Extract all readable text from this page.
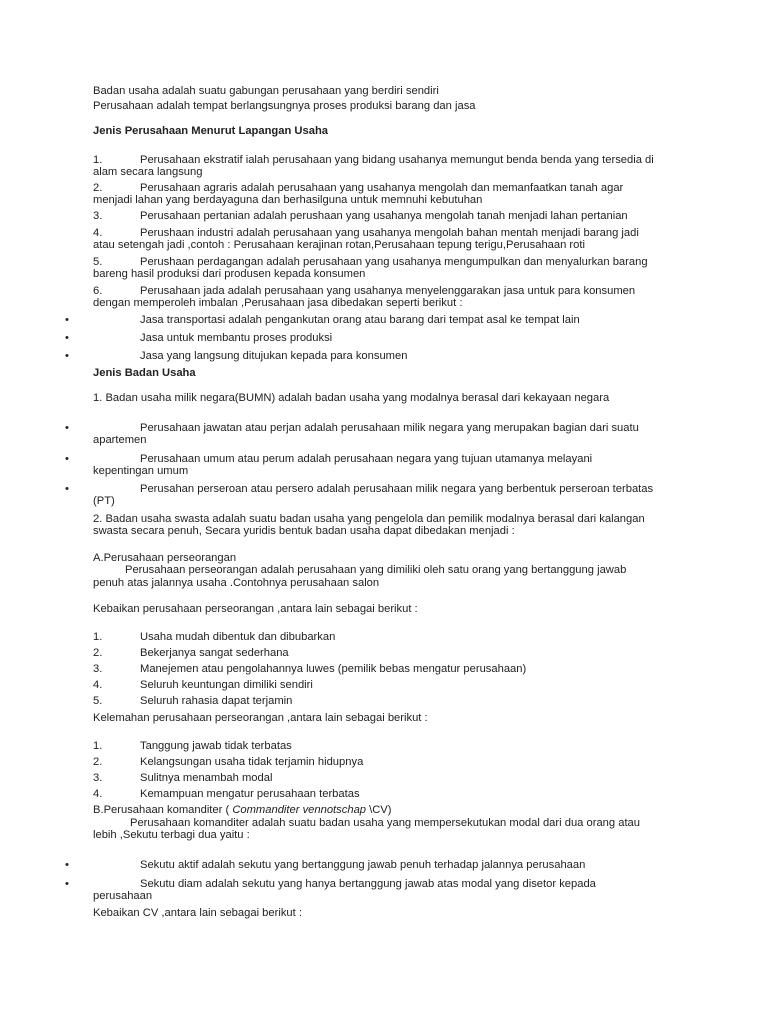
Badan usaha adalah suatu gabungan perusahaan yang berdiri sendiri
Perusahaan adalah tempat berlangsungnya proses produksi barang dan jasa
Jenis Perusahaan Menurut Lapangan Usaha
1.	Perusahaan ekstratif ialah perusahaan yang bidang usahanya memungut benda benda yang tersedia di
alam secara langsung
2.	Perusahaan agraris adalah perusahaan yang usahanya mengolah dan memanfaatkan tanah agar
menjadi lahan yang berdayaguna dan berhasilguna untuk memnuhi kebutuhan
3.	Perusahaan pertanian adalah perushaan yang usahanya mengolah tanah menjadi lahan pertanian
4.	Perushaan industri adalah perusahaan yang usahanya mengolah bahan mentah menjadi barang jadi
atau setengah jadi ,contoh : Perusahaan kerajinan rotan,Perusahaan tepung terigu,Perusahaan roti
5.	Perushaan perdagangan adalah perusahaan yang usahanya mengumpulkan dan menyalurkan barang
bareng hasil produksi dari produsen kepada konsumen
6.	Perusahaan jada adalah perusahaan yang usahanya menyelenggarakan jasa untuk para konsumen
dengan memperoleh imbalan ,Perusahaan jasa dibedakan seperti berikut :
•	Jasa transportasi adalah pengankutan orang atau barang dari tempat asal ke tempat lain
•	Jasa untuk membantu proses produksi
•	Jasa yang langsung ditujukan kepada para konsumen
Jenis Badan Usaha
1. Badan usaha milik negara(BUMN) adalah badan usaha yang modalnya berasal dari kekayaan negara
•	Perusahaan jawatan atau perjan adalah perusahaan milik negara yang merupakan bagian dari suatu
apartemen
•	Perusahaan umum atau perum adalah perusahaan negara yang tujuan utamanya melayani
kepentingan umum
•	Perusahan perseroan atau persero adalah perusahaan milik negara yang berbentuk perseroan terbatas
(PT)
2. Badan usaha swasta adalah suatu badan usaha yang pengelola dan pemilik modalnya berasal dari kalangan
swasta secara penuh, Secara yuridis bentuk badan usaha dapat dibedakan menjadi :
A.Perusahaan perseorangan
Perusahaan perseorangan adalah perusahaan yang dimiliki oleh satu orang yang bertanggung jawab
penuh atas jalannya usaha .Contohnya perusahaan salon
Kebaikan perusahaan perseorangan ,antara lain sebagai berikut :
1.	Usaha mudah dibentuk dan dibubarkan
2.	Bekerjanya sangat sederhana
3.	Manejemen atau pengolahannya luwes (pemilik bebas mengatur perusahaan)
4.	Seluruh keuntungan dimiliki sendiri
5.	Seluruh rahasia dapat terjamin
Kelemahan perusahaan perseorangan ,antara lain sebagai berikut :
1.	Tanggung jawab tidak terbatas
2.	Kelangsungan usaha tidak terjamin hidupnya
3.	Sulitnya menambah modal
4.	Kemampuan mengatur perusahaan terbatas
B.Perusahaan komanditer ( Commanditer vennotschap \CV)
Perusahaan komanditer adalah suatu badan usaha yang mempersekutukan modal dari dua orang atau
lebih ,Sekutu terbagi dua yaitu :
•	Sekutu aktif adalah sekutu yang bertanggung jawab penuh terhadap jalannya perusahaan
•	Sekutu diam adalah sekutu yang hanya bertanggung jawab atas modal yang disetor kepada
perusahaan
Kebaikan CV ,antara lain sebagai berikut :
